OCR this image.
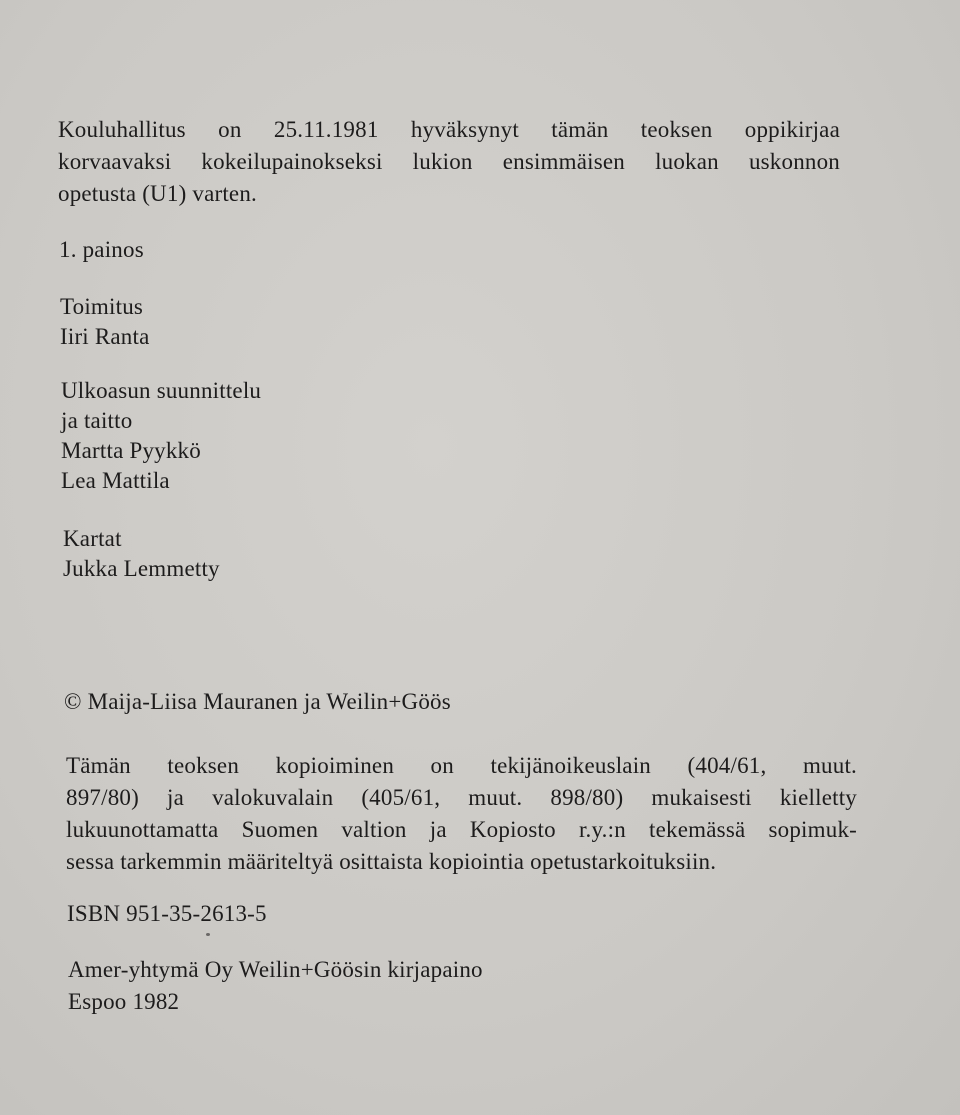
Kouluhallitus on 25.11.1981 hyväksynyt tämän teoksen oppikirjaa

korvaavaksi kokeilupainokseksi lukion ensimmäisen luokan uskonnon

opetusta (U1) varten.

1. painos

Toimitus

Iiri Ranta

Ulkoasun suunnittelu

ja taitto

Martta Pyykkö

Lea Mattila

Kartat

Jukka Lemmetty

© Maija-Liisa Mauranen ja Weilin+Göös

Tämän teoksen kopioiminen on tekijänoikeuslain (404/61, muut.

897/80) ja valokuvalain (405/61, muut. 898/80) mukaisesti kielletty

lukuunottamatta Suomen valtion ja Kopiosto r.y.:n tekemässä sopimuk-

sessa tarkemmin määriteltyä osittaista kopiointia opetustarkoituksiin.

ISBN 951-35-2613-5

Amer-yhtymä Oy Weilin+Göösin kirjapaino

Espoo 1982
